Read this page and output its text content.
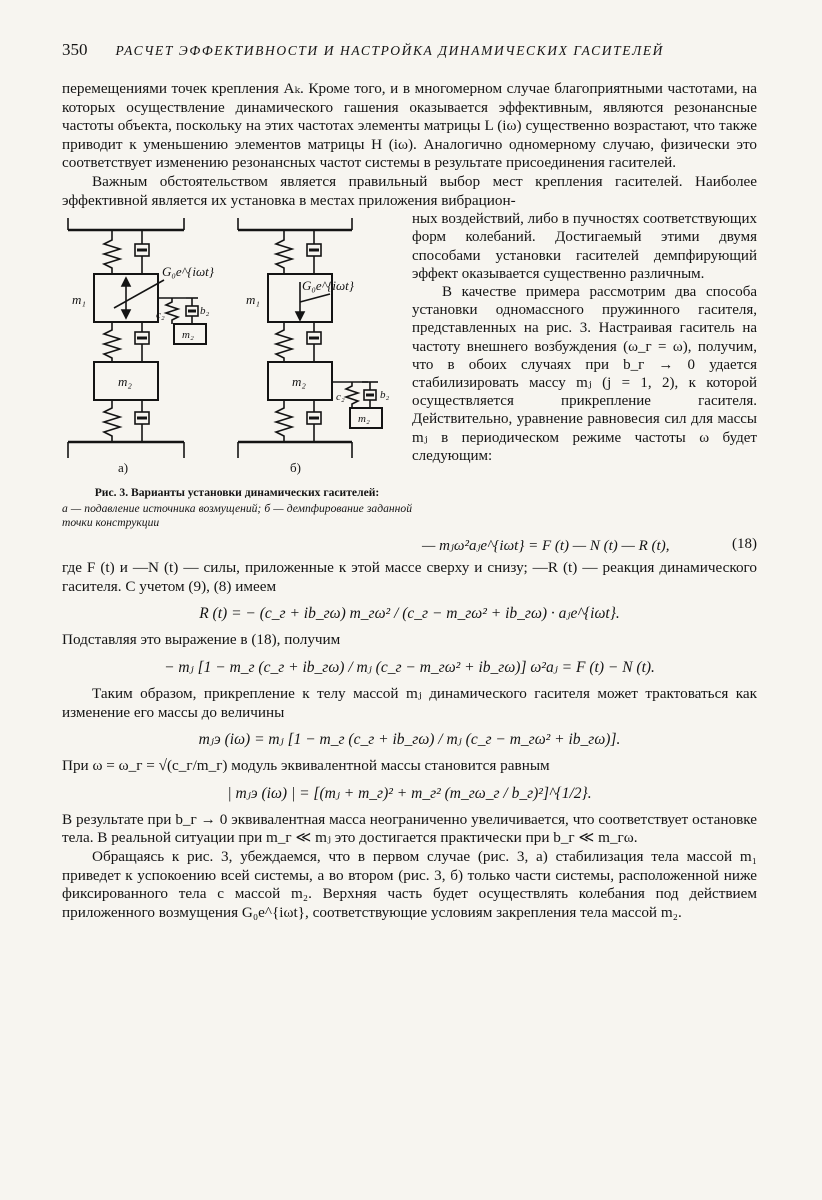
350 РАСЧЕТ ЭФФЕКТИВНОСТИ И НАСТРОЙКА ДИНАМИЧЕСКИХ ГАСИТЕЛЕЙ

перемещениями точек крепления Aₖ. Кроме того, и в многомерном случае благоприятными частотами, на которых осуществление динамического гашения оказывается эффективным, являются резонансные частоты объекта, поскольку на этих частотах элементы матрицы L (iω) существенно возрастают, что также приводит к уменьшению элементов матрицы H (iω). Аналогично одномерному случаю, физически это соответствует изменению резонансных частот системы в результате присоединения гасителей.

Важным обстоятельством является правильный выбор мест крепления гасителей. Наиболее эффективной является их установка в местах приложения вибрацион-

m₁
m₂
G₀e^{iωt}
c₂	b₂
m₂
а)
m₁
m₂
G₀e^{iωt}
c₂	b₂
m₂
б)
Рис. 3. Варианты установки динамических гасителей:
а — подавление источника возмущений; б — демпфирование заданной точки конструкции

ных воздействий, либо в пучностях соответствующих форм колебаний. Достигаемый этими двумя способами установки гасителей демпфирующий эффект оказывается существенно различным.

В качестве примера рассмотрим два способа установки одномассного пружинного гасителя, представленных на рис. 3. Настраивая гаситель на частоту внешнего возбуждения (ω_г = ω), получим, что в обоих случаях при b_г → 0 удается стабилизировать массу mⱼ (j = 1, 2), к которой осуществляется прикрепление гасителя. Действительно, уравнение равновесия сил для массы mⱼ в периодическом режиме частоты ω будет следующим:

— mⱼω²aⱼe^{iωt} = F (t) — N (t) — R (t),	(18)

где F (t) и —N (t) — силы, приложенные к этой массе сверху и снизу; —R (t) — реакция динамического гасителя. С учетом (9), (8) имеем

R (t) = − (c_г + ib_гω) m_гω² / (c_г − m_гω² + ib_гω) · aⱼe^{iωt}.

Подставляя это выражение в (18), получим

− mⱼ [1 − m_г (c_г + ib_гω) / mⱼ (c_г − m_гω² + ib_гω)] ω²aⱼ = F (t) − N (t).

Таким образом, прикрепление к телу массой mⱼ динамического гасителя может трактоваться как изменение его массы до величины

mⱼэ (iω) = mⱼ [1 − m_г (c_г + ib_гω) / mⱼ (c_г − m_гω² + ib_гω)].

При ω = ω_г = √(c_г/m_г) модуль эквивалентной массы становится равным

| mⱼэ (iω) | = [(mⱼ + m_г)² + m_г² (m_гω_г / b_г)²]^{1/2}.

В результате при b_г → 0 эквивалентная масса неограниченно увеличивается, что соответствует остановке тела. В реальной ситуации при m_г ≪ mⱼ это достигается практически при b_г ≪ m_гω.

Обращаясь к рис. 3, убеждаемся, что в первом случае (рис. 3, а) стабилизация тела массой m₁ приведет к успокоению всей системы, а во втором (рис. 3, б) только части системы, расположенной ниже фиксированного тела с массой m₂. Верхняя часть будет осуществлять колебания под действием приложенного возмущения G₀e^{iωt}, соответствующие условиям закрепления тела массой m₂.
